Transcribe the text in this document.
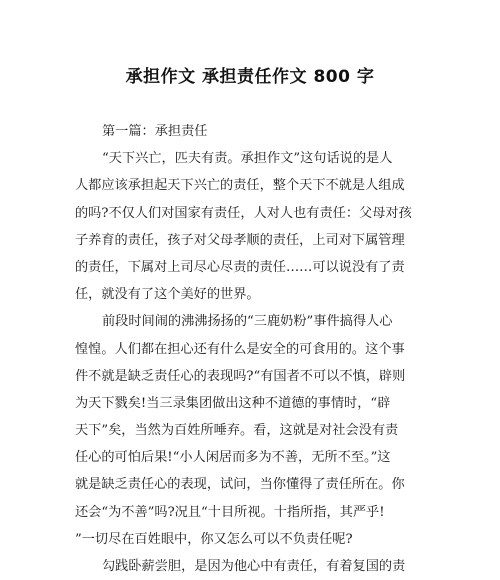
承担作文 承担责任作文 800 字
第一篇：承担责任
“天下兴亡，匹夫有责。承担作文”这句话说的是人
人都应该承担起天下兴亡的责任，整个天下不就是人组成
的吗?不仅人们对国家有责任，人对人也有责任：父母对孩
子养育的责任，孩子对父母孝顺的责任，上司对下属管理
的责任，下属对上司尽心尽责的责任……可以说没有了责
任，就没有了这个美好的世界。
前段时间闹的沸沸扬扬的“三鹿奶粉”事件搞得人心
惶惶。人们都在担心还有什么是安全的可食用的。这个事
件不就是缺乏责任心的表现吗?“有国者不可以不慎，辟则
为天下戮矣!当三录集团做出这种不道德的事情时，“辟
天下”矣，当然为百姓所唾弃。看，这就是对社会没有责
任心的可怕后果!“小人闲居而多为不善，无所不至。”这
就是缺乏责任心的表现，试问，当你懂得了责任所在。你
还会“为不善”吗?况且“十目所视。十指所指，其严乎!
”一切尽在百姓眼中，你又怎么可以不负责任呢?
勾践卧薪尝胆，是因为他心中有责任，有着复国的责
